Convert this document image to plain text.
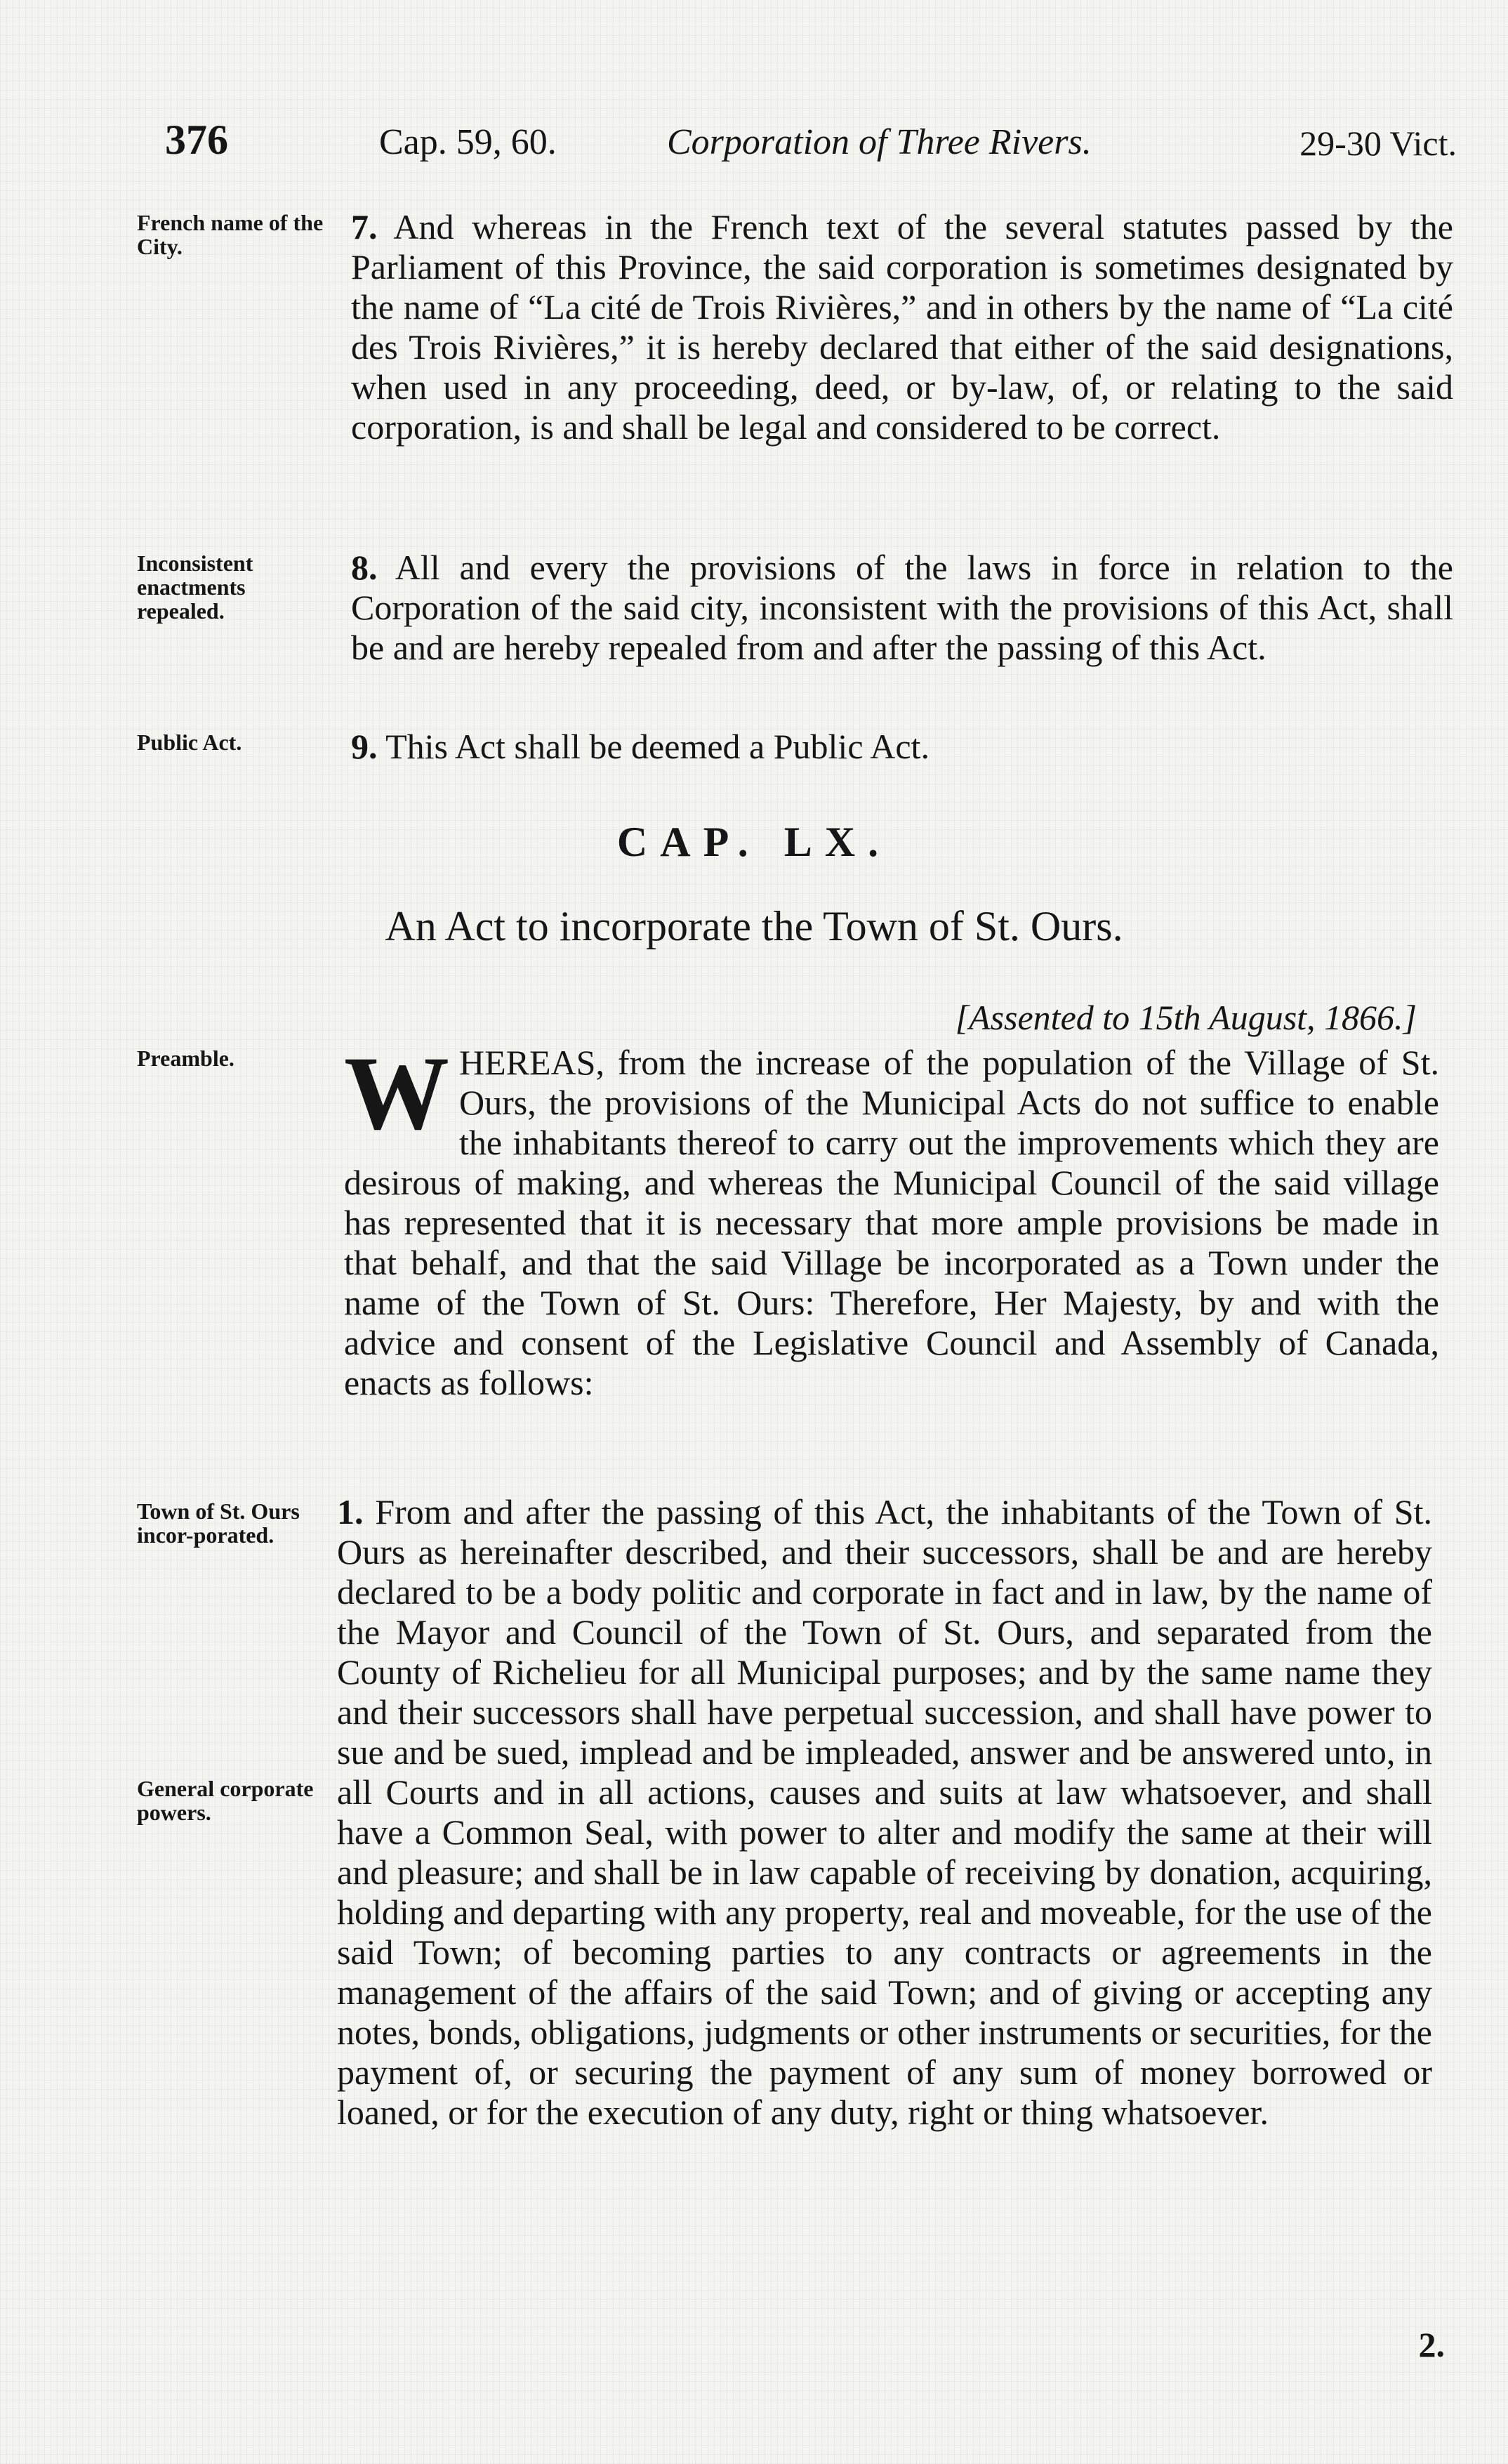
376	Cap. 59, 60.	Corporation of Three Rivers.	29-30 Vict.
French name of the City.	7. And whereas in the French text of the several statutes passed by the Parliament of this Province, the said corporation is sometimes designated by the name of “La cité de Trois Rivières,” and in others by the name of “La cité des Trois Rivières,” it is hereby declared that either of the said designations, when used in any proceeding, deed, or by-law, of, or relating to the said corporation, is and shall be legal and considered to be correct.
Inconsistent enactments repealed.
8. All and every the provisions of the laws in force in relation to the Corporation of the said city, inconsistent with the provisions of this Act, shall be and are hereby repealed from and after the passing of this Act.
Public Act.	9. This Act shall be deemed a Public Act.
CAP. LX.
An Act to incorporate the Town of St. Ours.
[Assented to 15th August, 1866.]
Preamble.	W HEREAS, from the increase of the population of the Village of St. Ours, the provisions of the Municipal Acts do not suffice to enable the inhabitants thereof to carry out the improvements which they are desirous of making, and whereas the Municipal Council of the said village has represented that it is necessary that more ample provisions be made in that behalf, and that the said Village be incorporated as a Town under the name of the Town of St. Ours: Therefore, Her Majesty, by and with the advice and consent of the Legislative Council and Assembly of Canada, enacts as follows:
Town of St. Ours incor-porated.
General corporate powers.
1. From and after the passing of this Act, the inhabitants of the Town of St. Ours as hereinafter described, and their successors, shall be and are hereby declared to be a body politic and corporate in fact and in law, by the name of the Mayor and Council of the Town of St. Ours, and separated from the County of Richelieu for all Municipal purposes; and by the same name they and their successors shall have perpetual succession, and shall have power to sue and be sued, implead and be impleaded, answer and be answered unto, in all Courts and in all actions, causes and suits at law whatsoever, and shall have a Common Seal, with power to alter and modify the same at their will and pleasure; and shall be in law capable of receiving by donation, acquiring, holding and departing with any property, real and moveable, for the use of the said Town; of becoming parties to any contracts or agreements in the management of the affairs of the said Town; and of giving or accepting any notes, bonds, obligations, judgments or other instruments or securities, for the payment of, or securing the payment of any sum of money borrowed or loaned, or for the execution of any duty, right or thing whatsoever.
2.
